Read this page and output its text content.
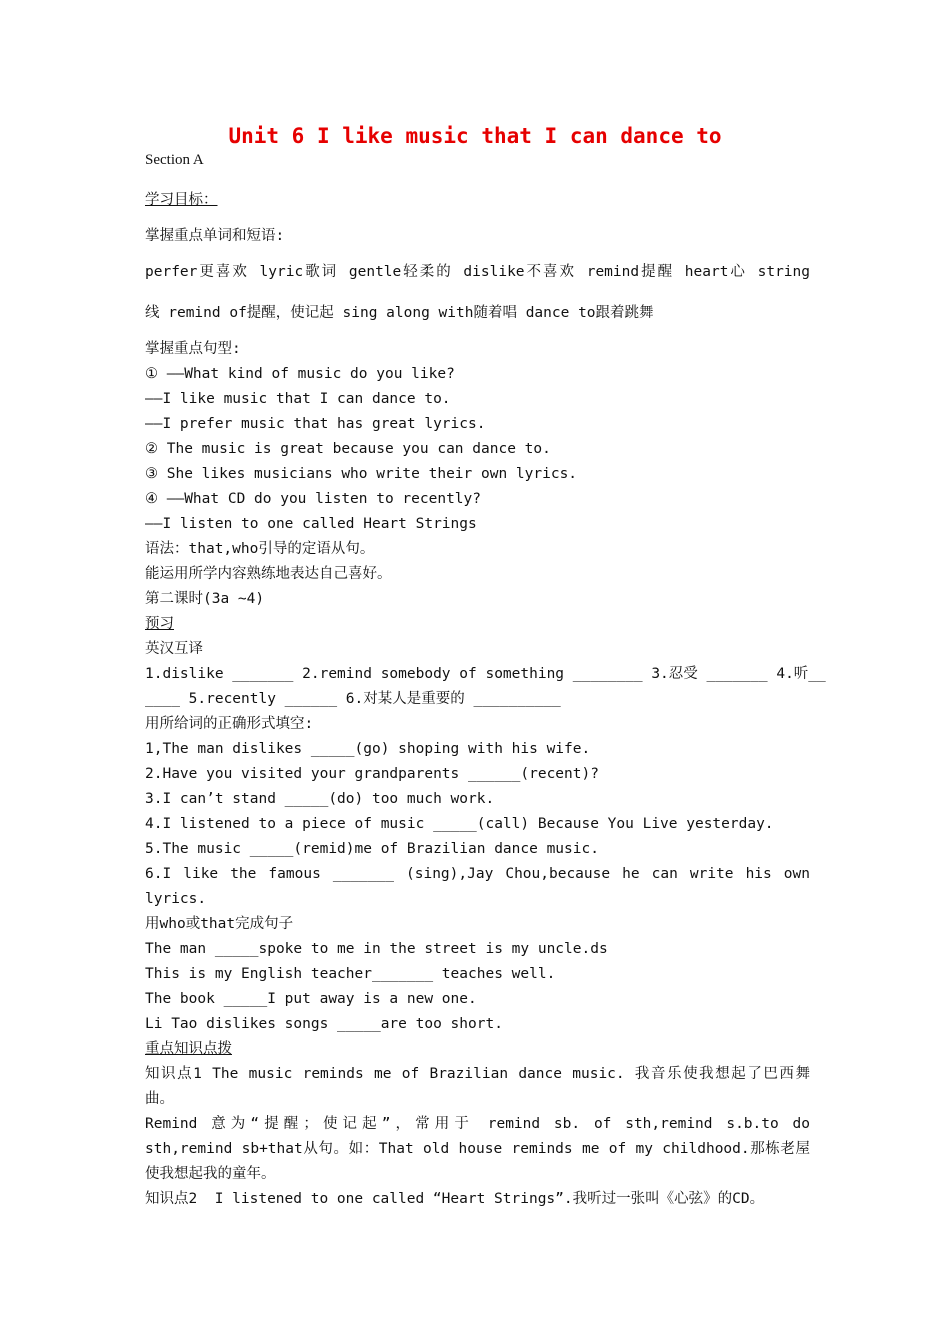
Unit 6 I like music that I can dance to
Section A
学习目标：
掌握重点单词和短语:
perfer更喜欢 lyric歌词 gentle轻柔的 dislike不喜欢 remind提醒 heart心 string
线 remind of提醒，使记起 sing along with随着唱 dance to跟着跳舞
掌握重点句型:
① ——What kind of music do you like?
——I like music that I can dance to.
——I prefer music that has great lyrics.
② The music is great because you can dance to.
③ She likes musicians who write their own lyrics.
④ ——What CD do you listen to recently?
——I listen to one called Heart Strings
语法：that,who引导的定语从句。
能运用所学内容熟练地表达自己喜好。
第二课时(3a ~4)
预习
英汉互译
1.dislike _______ 2.remind somebody of something ________ 3.忍受 _______ 4.听__
____ 5.recently ______ 6.对某人是重要的 __________
用所给词的正确形式填空:
1,The man dislikes _____(go) shoping with his wife.
2.Have you visited your grandparents ______(recent)?
3.I can’t stand _____(do) too much work.
4.I listened to a piece of music _____(call) Because You Live yesterday.
5.The music _____(remid)me of Brazilian dance music.
6.I like the famous _______ (sing),Jay Chou,because he can write his own
lyrics.
用who或that完成句子
The man _____spoke to me in the street is my uncle.ds
This is my English teacher_______ teaches well.
The book _____I put away is a new one.
Li Tao dislikes songs _____are too short.
重点知识点拨
知识点1 The music reminds me of Brazilian dance music. 我音乐使我想起了巴西舞
曲。
Remind 意为“提醒；使记起”，常用于 remind sb. of sth,remind s.b.to do
sth,remind sb+that从句。如：That old house reminds me of my childhood.那栋老屋
使我想起我的童年。
知识点2  I listened to one called “Heart Strings”.我听过一张叫《心弦》的CD。
